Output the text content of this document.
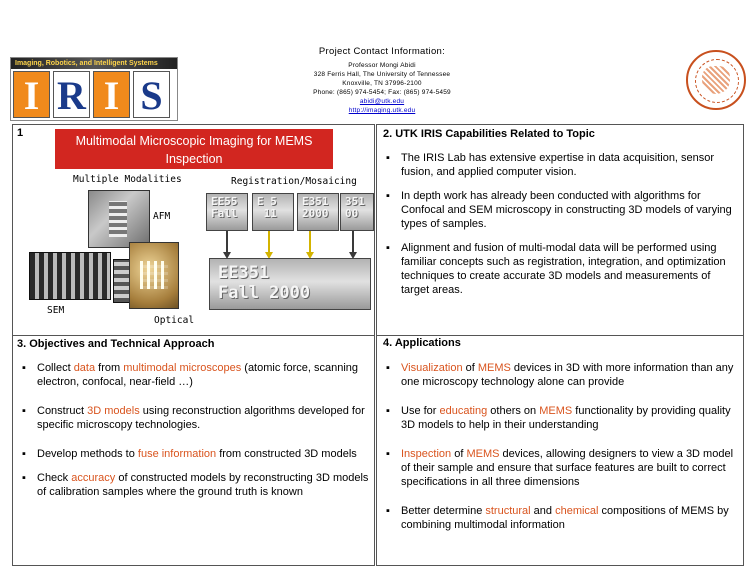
Imaging, Robotics, and Intelligent Systems
I R I S
Project Contact Information:
Professor Mongi Abidi
328 Ferris Hall, The University of Tennessee
Knoxville, TN 37996-2100
Phone: (865) 974-5454; Fax: (865) 974-5459
abidi@utk.edu
http://imaging.utk.edu
1
Multimodal Microscopic Imaging for MEMS
Inspection
Multiple Modalities	Registration/Mosaicing
AFM
EE55
Fall
E 5
11
E351
2000
351
00
EE351
Fall 2000
SEM
Optical
2. UTK IRIS Capabilities Related to Topic
▪ The IRIS Lab has extensive expertise in data acquisition, sensor fusion, and applied computer vision.
▪ In depth work has already been conducted with algorithms for Confocal and SEM microscopy in constructing 3D models of varying types of samples.
▪ Alignment and fusion of multi-modal data will be performed using familiar concepts such as registration, integration, and optimization techniques to create accurate 3D models and measurements of target areas.
3. Objectives and Technical Approach
▪ Collect data from multimodal microscopes (atomic force, scanning electron, confocal, near-field …)
▪ Construct 3D models using reconstruction algorithms developed for specific microscopy technologies.
▪ Develop methods to fuse information from constructed 3D models
▪ Check accuracy of constructed models by reconstructing 3D models of calibration samples where the ground truth is known
4. Applications
▪ Visualization of MEMS devices in 3D with more information than any one microscopy technology alone can provide
▪ Use for educating others on MEMS functionality by providing quality 3D models to help in their understanding
▪ Inspection of MEMS devices, allowing designers to view a 3D model of their sample and ensure that surface features are built to correct specifications in all three dimensions
▪ Better determine structural and chemical compositions of MEMS by combining multimodal information
